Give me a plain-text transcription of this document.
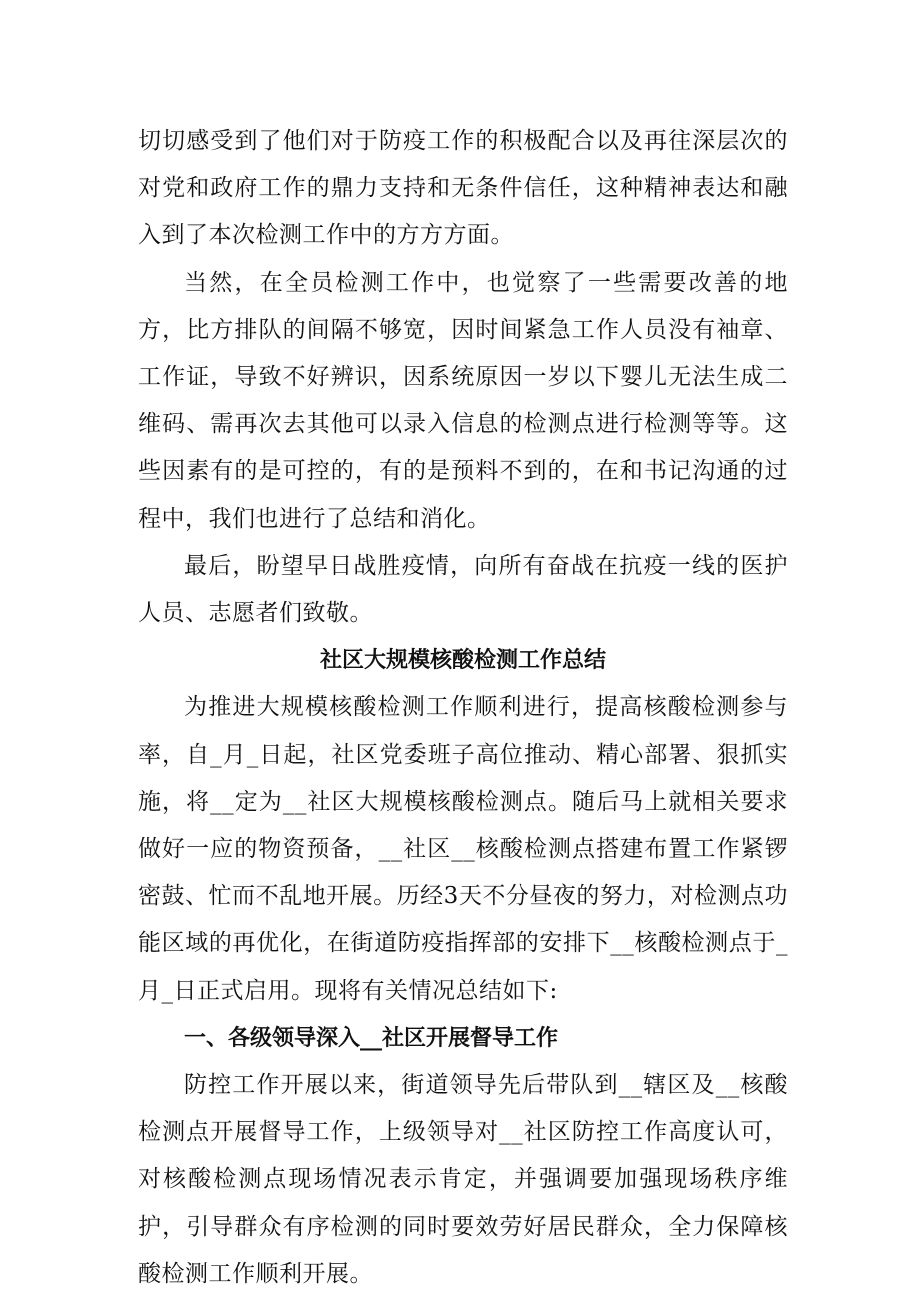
切切感受到了他们对于防疫工作的积极配合以及再往深层次的对党和政府工作的鼎力支持和无条件信任，这种精神表达和融入到了本次检测工作中的方方方面。

当然，在全员检测工作中，也觉察了一些需要改善的地方，比方排队的间隔不够宽，因时间紧急工作人员没有袖章、工作证，导致不好辨识，因系统原因一岁以下婴儿无法生成二维码、需再次去其他可以录入信息的检测点进行检测等等。这些因素有的是可控的，有的是预料不到的，在和书记沟通的过程中，我们也进行了总结和消化。

最后，盼望早日战胜疫情，向所有奋战在抗疫一线的医护人员、志愿者们致敬。

社区大规模核酸检测工作总结

为推进大规模核酸检测工作顺利进行，提高核酸检测参与率，自_月_日起，社区党委班子高位推动、精心部署、狠抓实施，将__定为__社区大规模核酸检测点。随后马上就相关要求做好一应的物资预备，__社区__核酸检测点搭建布置工作紧锣密鼓、忙而不乱地开展。历经3天不分昼夜的努力，对检测点功能区域的再优化，在街道防疫指挥部的安排下__核酸检测点于_月_日正式启用。现将有关情况总结如下:

一、各级领导深入__社区开展督导工作

防控工作开展以来，街道领导先后带队到__辖区及__核酸检测点开展督导工作，上级领导对__社区防控工作高度认可，对核酸检测点现场情况表示肯定，并强调要加强现场秩序维护，引导群众有序检测的同时要效劳好居民群众，全力保障核酸检测工作顺利开展。
